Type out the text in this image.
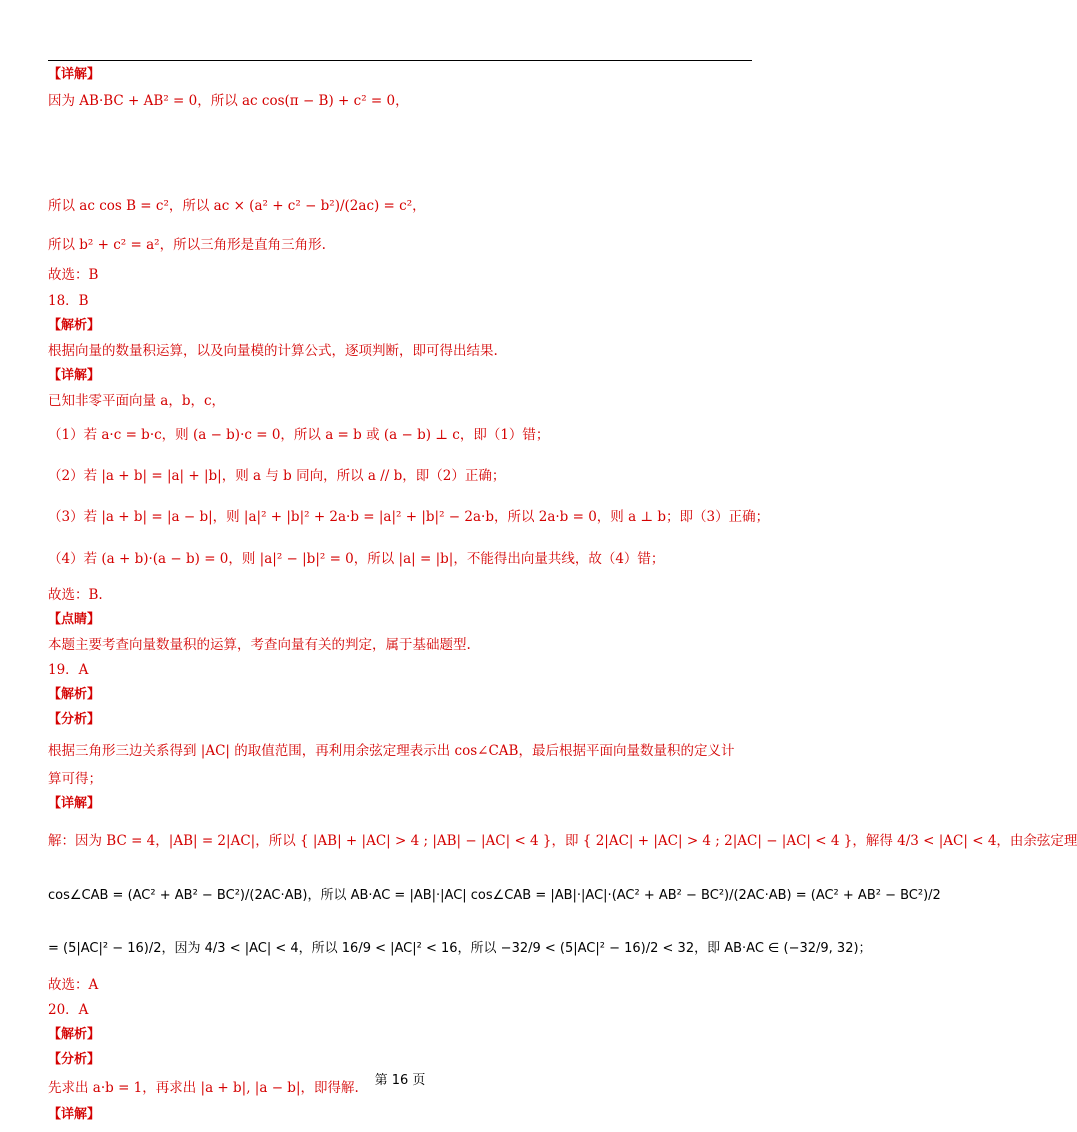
【详解】
因为 AB·BC + AB² = 0，所以 ac cos(π − B) + c² = 0，
所以 ac cos B = c²，所以 ac × (a² + c² − b²)/(2ac) = c²，
所以 b² + c² = a²，所以三角形是直角三角形.
故选：B
18．B
【解析】
根据向量的数量积运算，以及向量模的计算公式，逐项判断，即可得出结果.
【详解】
已知非零平面向量 a，b，c，
（1）若 a·c = b·c，则 (a − b)·c = 0，所以 a = b 或 (a − b) ⊥ c，即（1）错；
（2）若 |a + b| = |a| + |b|，则 a 与 b 同向，所以 a // b，即（2）正确；
（3）若 |a + b| = |a − b|，则 |a|² + |b|² + 2a·b = |a|² + |b|² − 2a·b，所以 2a·b = 0，则 a ⊥ b；即（3）正确；
（4）若 (a + b)·(a − b) = 0，则 |a|² − |b|² = 0，所以 |a| = |b|，不能得出向量共线，故（4）错；
故选：B.
【点睛】
本题主要考查向量数量积的运算，考查向量有关的判定，属于基础题型.
19．A
【解析】
【分析】
根据三角形三边关系得到 |AC| 的取值范围，再利用余弦定理表示出 cos∠CAB，最后根据平面向量数量积的定义计
算可得；
【详解】
解：因为 BC = 4，|AB| = 2|AC|，所以 { |AB| + |AC| > 4 ; |AB| − |AC| < 4 }，即 { 2|AC| + |AC| > 4 ; 2|AC| − |AC| < 4 }，解得 4/3 < |AC| < 4，由余弦定理
cos∠CAB = (AC² + AB² − BC²)/(2AC·AB)，所以 AB·AC = |AB|·|AC| cos∠CAB = |AB|·|AC|·(AC² + AB² − BC²)/(2AC·AB) = (AC² + AB² − BC²)/2
= (5|AC|² − 16)/2，因为 4/3 < |AC| < 4，所以 16/9 < |AC|² < 16，所以 −32/9 < (5|AC|² − 16)/2 < 32，即 AB·AC ∈ (−32/9, 32)；
故选：A
20．A
【解析】
【分析】
先求出 a·b = 1，再求出 |a + b|, |a − b|，即得解.
【详解】
第 16 页
